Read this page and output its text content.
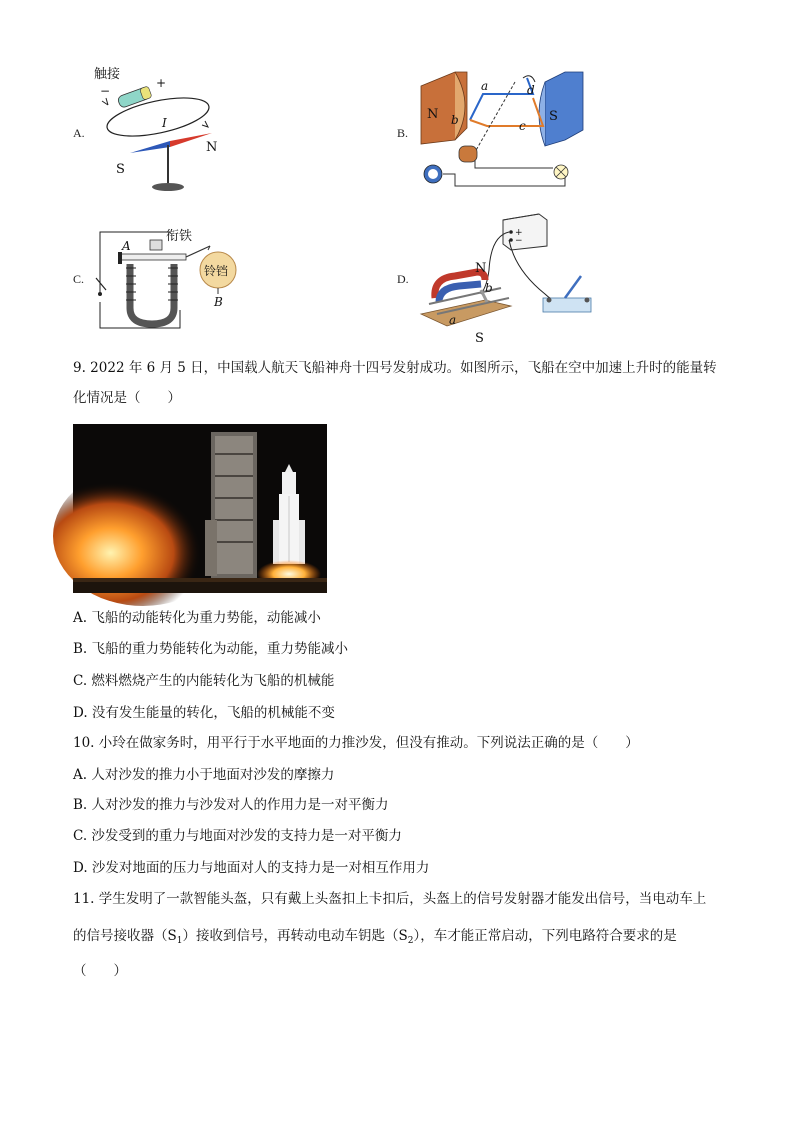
A.
触接
−
+
I
S
N
B.
N	S
a
b	c
d
C.
衔铁
A
铃铛
B
D.
+
−
N
S
a
b
9. 2022 年 6 月 5 日，中国载人航天飞船神舟十四号发射成功。如图所示，飞船在空中加速上升时的能量转
化情况是（　　）
A. 飞船的动能转化为重力势能，动能减小
B. 飞船的重力势能转化为动能，重力势能减小
C. 燃料燃烧产生的内能转化为飞船的机械能
D. 没有发生能量的转化，飞船的机械能不变
10. 小玲在做家务时，用平行于水平地面的力推沙发，但没有推动。下列说法正确的是（　　）
A. 人对沙发的推力小于地面对沙发的摩擦力
B. 人对沙发的推力与沙发对人的作用力是一对平衡力
C. 沙发受到的重力与地面对沙发的支持力是一对平衡力
D. 沙发对地面的压力与地面对人的支持力是一对相互作用力
11. 学生发明了一款智能头盔，只有戴上头盔扣上卡扣后，头盔上的信号发射器才能发出信号，当电动车上
的信号接收器$(S_1)$接收到信号，再转动电动车钥匙$(S_2)$，车才能正常启动，下列电路符合要求的是
（　　）
